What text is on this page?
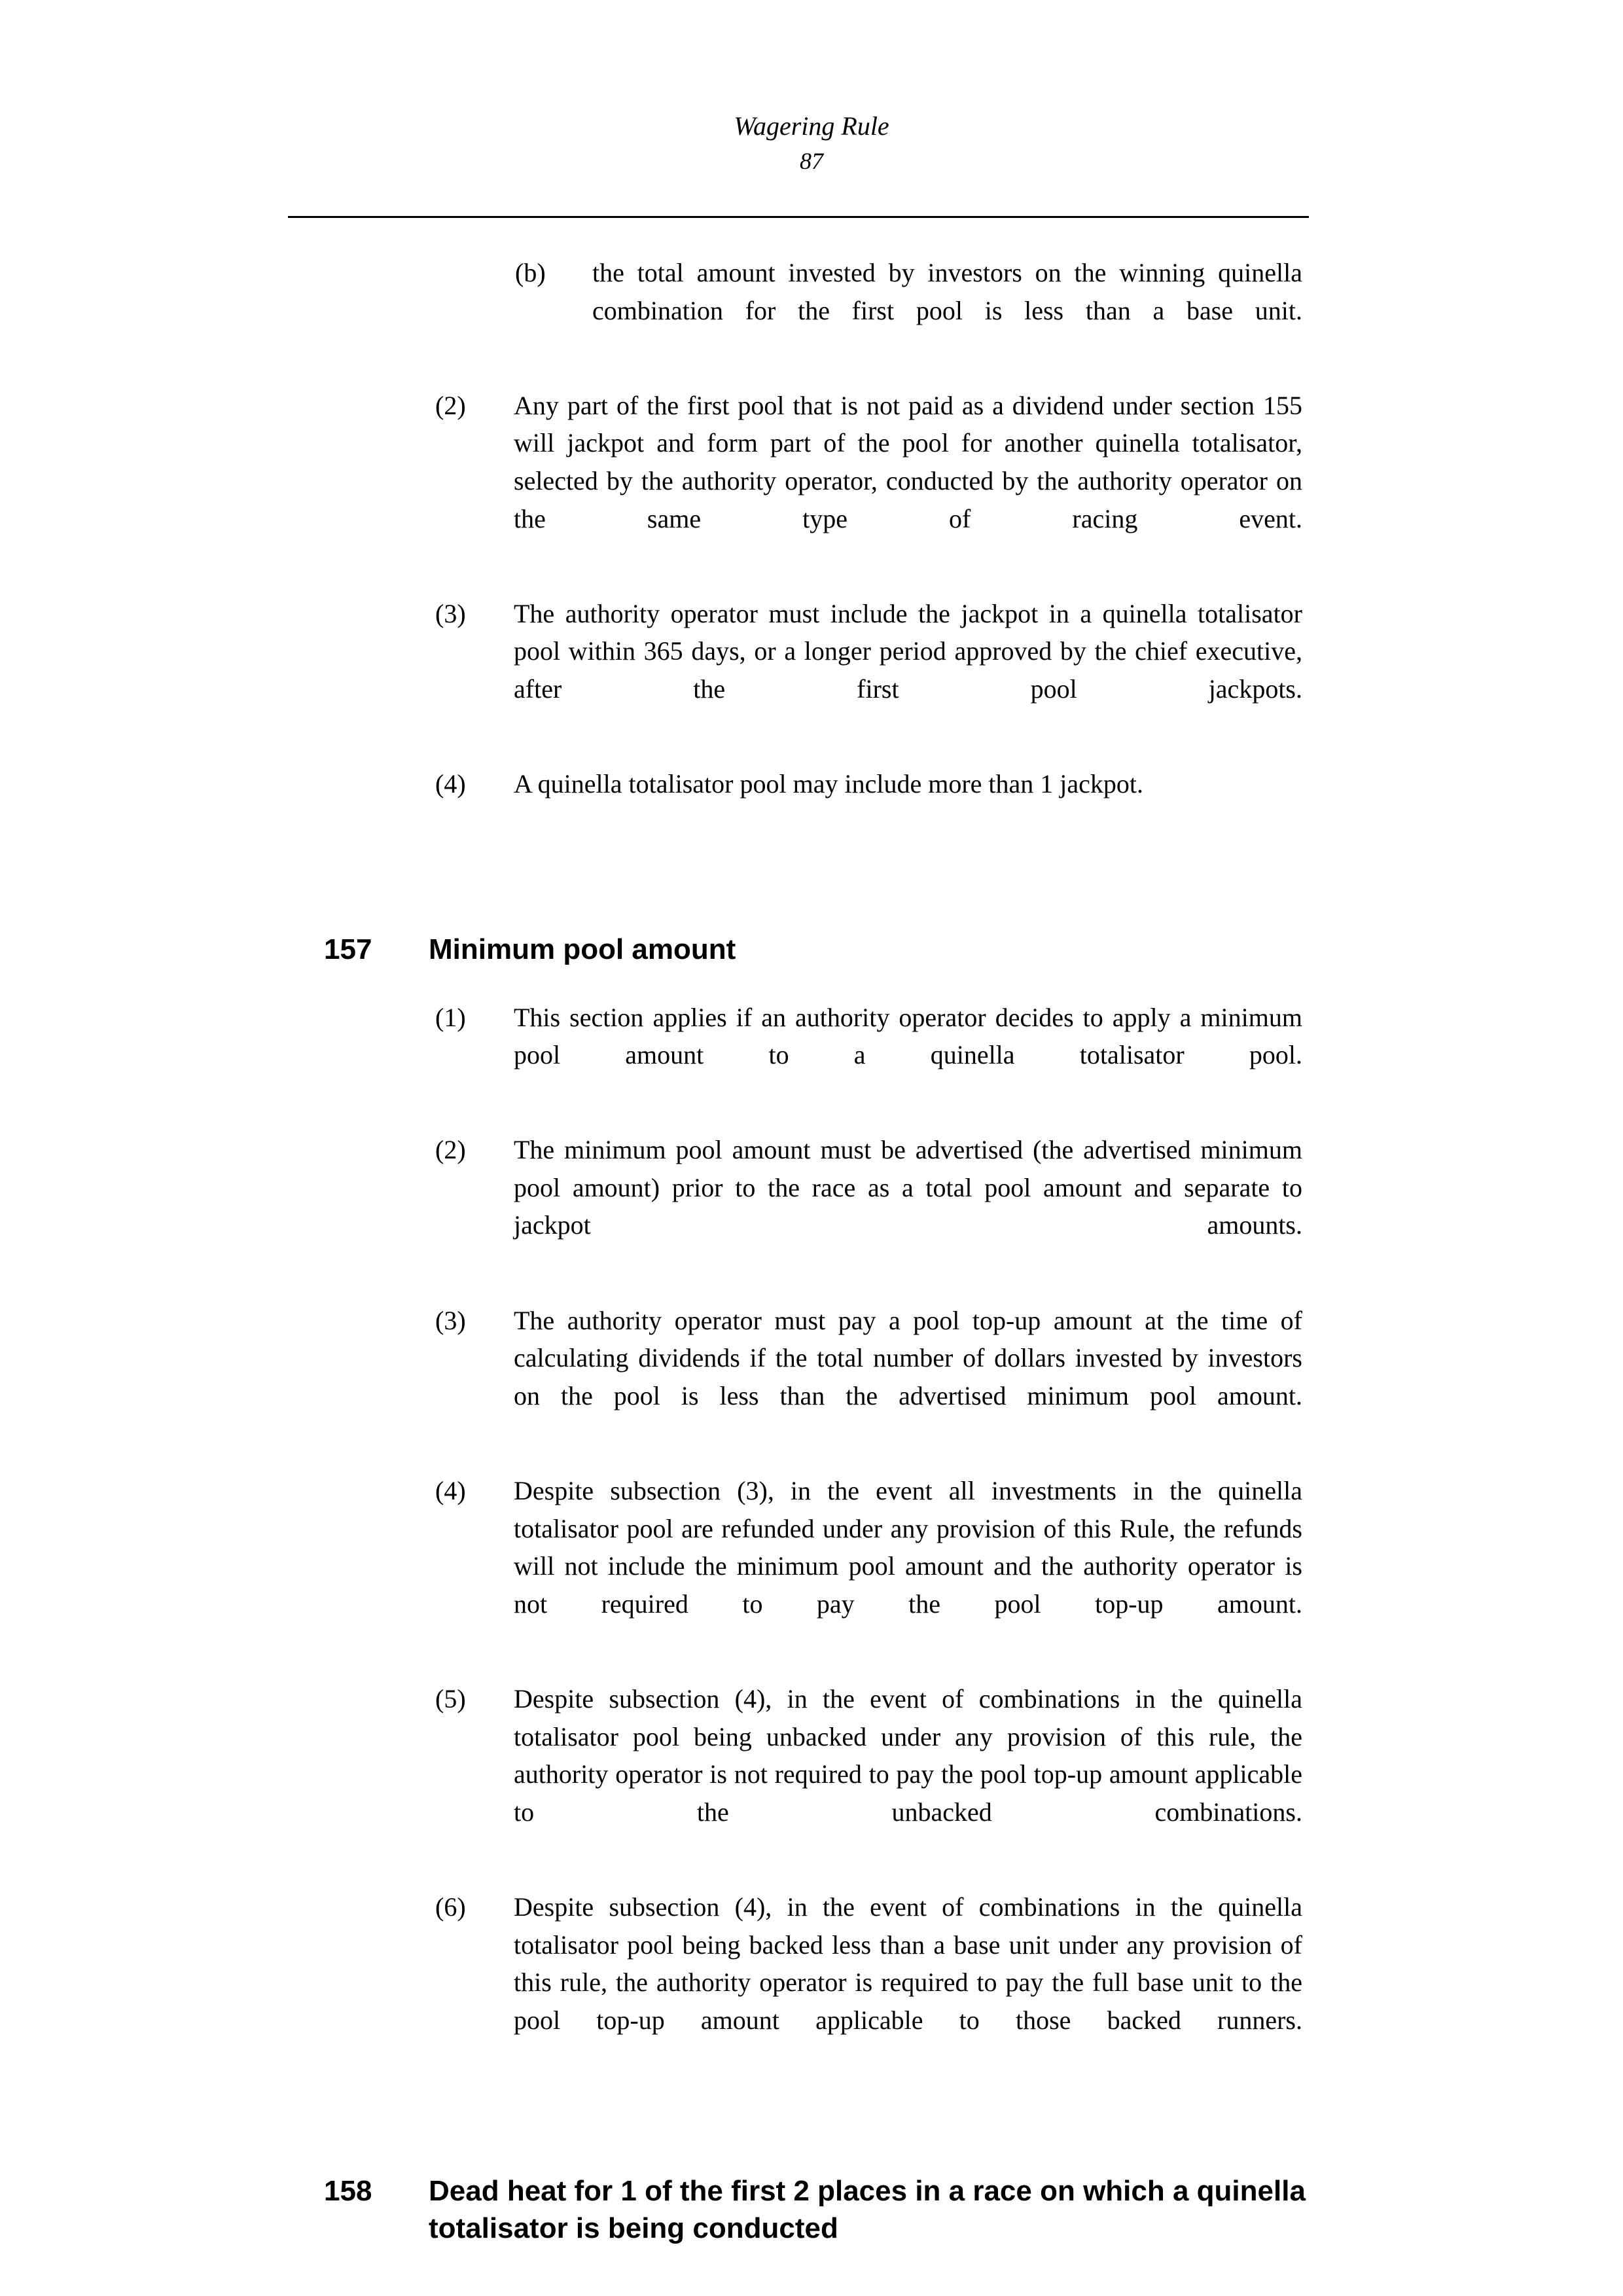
Wagering Rule
87
(b)	the total amount invested by investors on the winning quinella combination for the first pool is less than a base unit.
(2)	Any part of the first pool that is not paid as a dividend under section 155 will jackpot and form part of the pool for another quinella totalisator, selected by the authority operator, conducted by the authority operator on the same type of racing event.
(3)	The authority operator must include the jackpot in a quinella totalisator pool within 365 days, or a longer period approved by the chief executive, after the first pool jackpots.
(4)	A quinella totalisator pool may include more than 1 jackpot.
157 Minimum pool amount
(1)	This section applies if an authority operator decides to apply a minimum pool amount to a quinella totalisator pool.
(2)	The minimum pool amount must be advertised (the advertised minimum pool amount) prior to the race as a total pool amount and separate to jackpot amounts.
(3)	The authority operator must pay a pool top-up amount at the time of calculating dividends if the total number of dollars invested by investors on the pool is less than the advertised minimum pool amount.
(4)	Despite subsection (3), in the event all investments in the quinella totalisator pool are refunded under any provision of this Rule, the refunds will not include the minimum pool amount and the authority operator is not required to pay the pool top-up amount.
(5)	Despite subsection (4), in the event of combinations in the quinella totalisator pool being unbacked under any provision of this rule, the authority operator is not required to pay the pool top-up amount applicable to the unbacked combinations.
(6)	Despite subsection (4), in the event of combinations in the quinella totalisator pool being backed less than a base unit under any provision of this rule, the authority operator is required to pay the full base unit to the pool top-up amount applicable to those backed runners.
158 Dead heat for 1 of the first 2 places in a race on which a quinella totalisator is being conducted
